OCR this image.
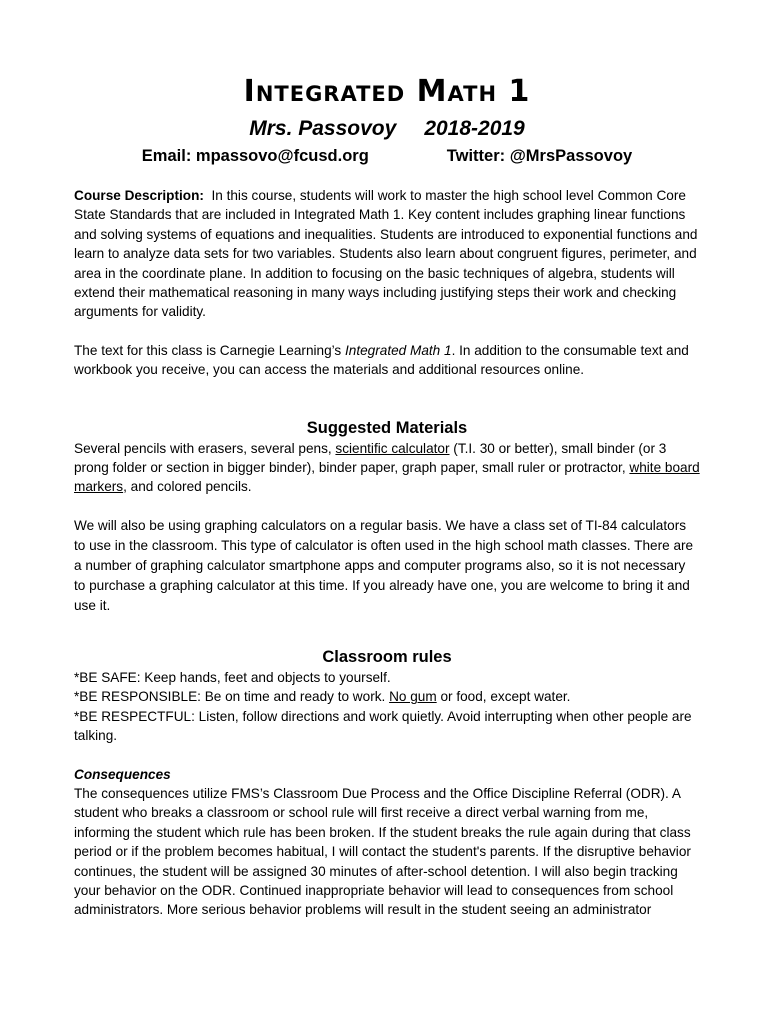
Integrated Math 1
Mrs. Passovoy 2018-2019
Email: mpassovo@fcusd.org	Twitter: @MrsPassovoy

Course Description: In this course, students will work to master the high school level Common Core State Standards that are included in Integrated Math 1. Key content includes graphing linear functions and solving systems of equations and inequalities. Students are introduced to exponential functions and learn to analyze data sets for two variables. Students also learn about congruent figures, perimeter, and area in the coordinate plane. In addition to focusing on the basic techniques of algebra, students will extend their mathematical reasoning in many ways including justifying steps their work and checking arguments for validity.

The text for this class is Carnegie Learning’s Integrated Math 1. In addition to the consumable text and workbook you receive, you can access the materials and additional resources online.

Suggested Materials

Several pencils with erasers, several pens, scientific calculator (T.I. 30 or better), small binder (or 3 prong folder or section in bigger binder), binder paper, graph paper, small ruler or protractor, white board markers, and colored pencils.

We will also be using graphing calculators on a regular basis. We have a class set of TI-84 calculators to use in the classroom. This type of calculator is often used in the high school math classes. There are a number of graphing calculator smartphone apps and computer programs also, so it is not necessary to purchase a graphing calculator at this time. If you already have one, you are welcome to bring it and use it.

Classroom rules

*BE SAFE: Keep hands, feet and objects to yourself.

*BE RESPONSIBLE: Be on time and ready to work. No gum or food, except water.

*BE RESPECTFUL: Listen, follow directions and work quietly. Avoid interrupting when other people are talking.

Consequences

The consequences utilize FMS’s Classroom Due Process and the Office Discipline Referral (ODR). A student who breaks a classroom or school rule will first receive a direct verbal warning from me, informing the student which rule has been broken. If the student breaks the rule again during that class period or if the problem becomes habitual, I will contact the student's parents. If the disruptive behavior continues, the student will be assigned 30 minutes of after-school detention. I will also begin tracking your behavior on the ODR. Continued inappropriate behavior will lead to consequences from school administrators. More serious behavior problems will result in the student seeing an administrator
